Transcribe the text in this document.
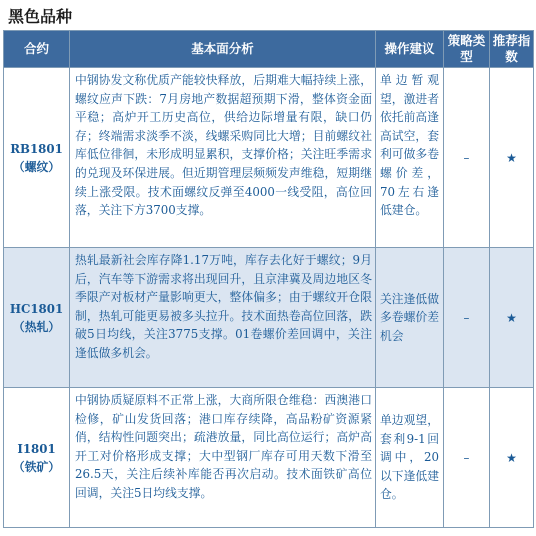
黑色品种
合约	基本面分析	操作建议	策略类型	推荐指数

RB1801
（螺纹）	中钢协发文称优质产能较快释放，后期难大幅持续上涨，螺纹应声下跌：7月房地产数据超预期下滑，整体资金面平稳；高炉开工历史高位，供给边际增量有限，缺口仍存；终端需求淡季不淡，线螺采购同比大增；目前螺纹社库低位徘徊，未形成明显累积，支撑价格；关注旺季需求的兑现及环保进展。但近期管理层频频发声维稳，短期继续上涨受限。技术面螺纹反弹至4000一线受阻，高位回落，关注下方3700支撑。	单边暂观望，激进者依托前高逢高试空，套利可做多卷螺价差，70左右逢低建仓。	–	★

HC1801
（热轧）	热轧最新社会库存降1.17万吨，库存去化好于螺纹；9月后，汽车等下游需求将出现回升，且京津冀及周边地区冬季限产对板材产量影响更大，整体偏多；由于螺纹开仓限制，热轧可能更易被多头拉升。技术面热卷高位回落，跌破5日均线，关注3775支撑。01卷螺价差回调中，关注逢低做多机会。	关注逢低做多卷螺价差机会	–	★

I1801
（铁矿）	中钢协质疑原料不正常上涨，大商所限仓维稳：西澳港口检修，矿山发货回落；港口库存续降，高品粉矿资源紧俏，结构性问题突出；疏港放量，同比高位运行；高炉高开工对价格形成支撑；大中型钢厂库存可用天数下滑至26.5天，关注后续补库能否再次启动。技术面铁矿高位回调，关注5日均线支撑。	单边观望，套利9-1回调中，20以下逢低建仓。	–	★
